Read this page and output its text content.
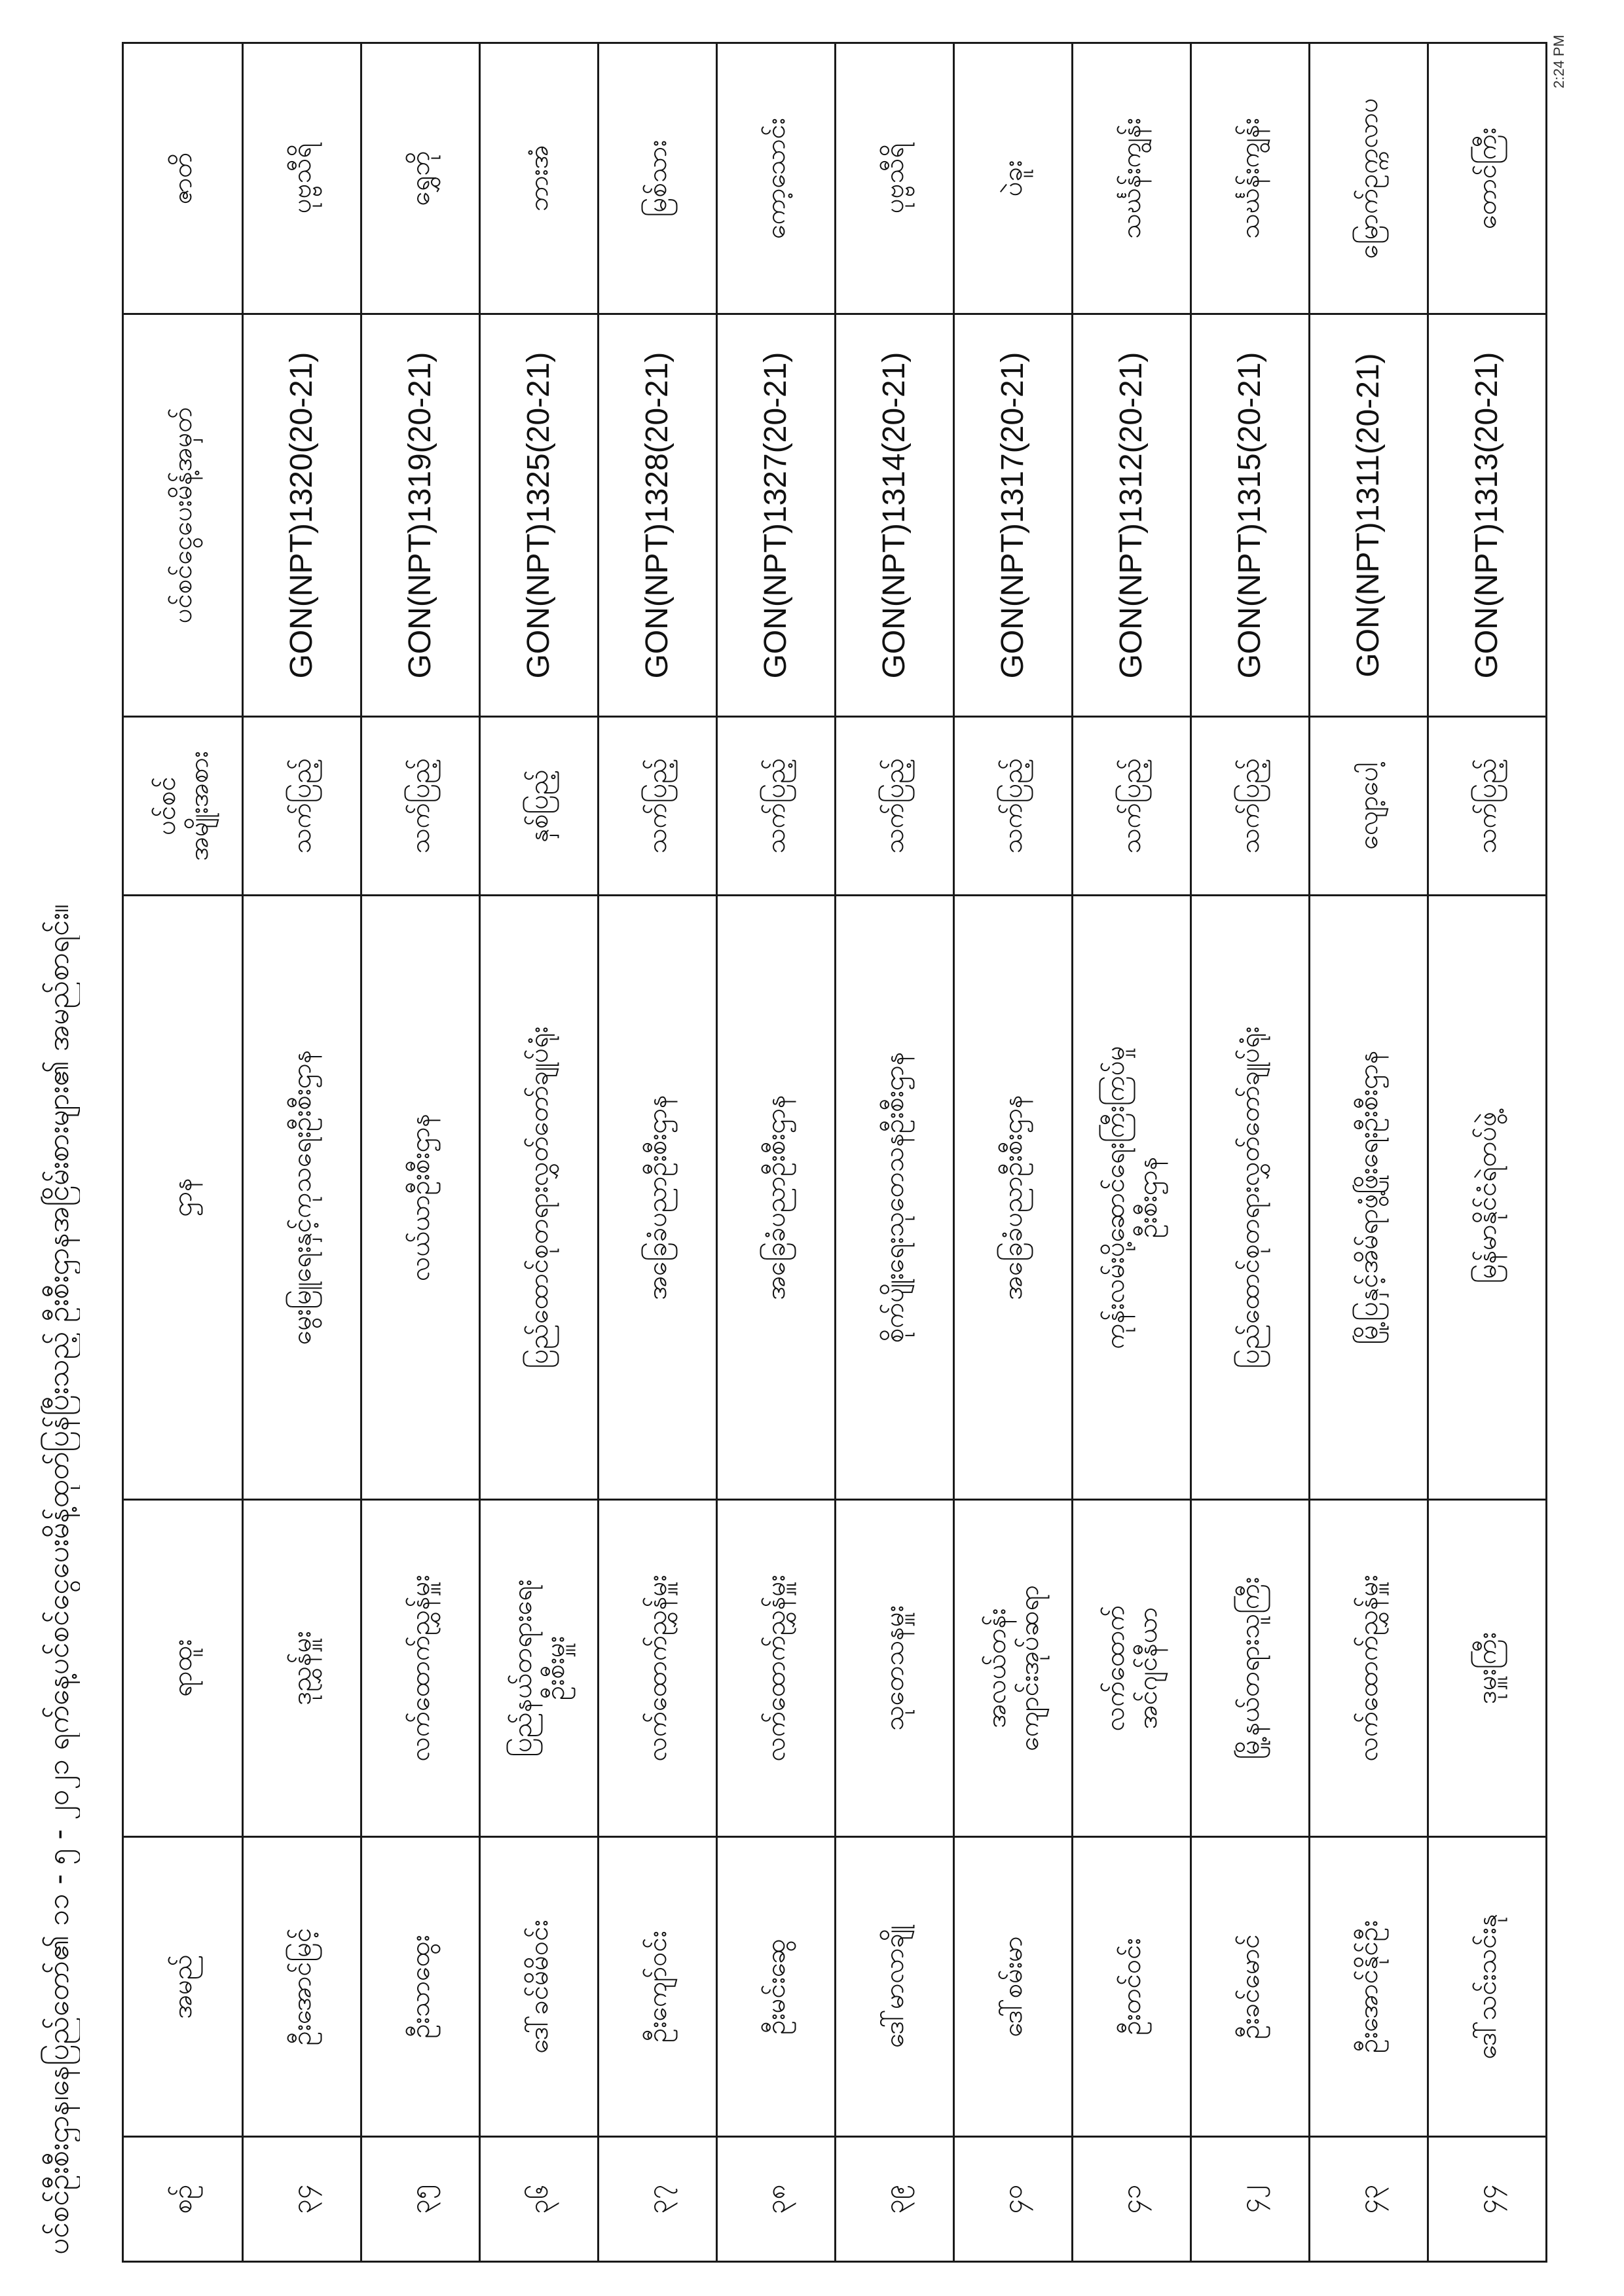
ပင်စင်ဦးစီးဌာန၊နေပြည်တော်၏ ၁၁ - ၅ - ၂၀၂၁ ရက်နေ့ပင်စင်ငွေပေးမိန့်ထုတ်ပြန်ပြီးသည့် ဦးစီးဌာနအငြိမ်းစားများ၏ အမည်စာရင်း။
2:24 PM
စဉ်	အမည်	ရာထူး	ဌာန	ပင်စင်
အမျိုးအစား	ပင်စင်ငွေပေးမိန့်အမှတ်	ဇာတိ
၃၄	ဦးအောင်မြင့်	ဒုညွှန်မှူး	မွေးမြူရေးနှင့်ကုသရေးဦးစီးဌာန	သက်ပြည့်	GON(NPT)1320(20-21)	ပုဗ္ဗသီရိ
၃၅	ဦးသာထွေး	လက်ထောက်ညွှန်မှူး	လယ်ယာဦးစီးဌာန	သက်ပြည့်	GON(NPT)1319(20-21)	ရွှေဘို
၃၆	ဒေါ်ခင်မိမိဝင်း	ပြည်နယ်တရားရေး
ဦးစီးမှူး	ပြည်ထောင်စုတရားလွှတ်တော်ချုပ်ရုံး	နှစ်ပြည့်	GON(NPT)1325(20-21)	ဘားအံ
၃၇	ဦးကျော်ဝင်း	လက်ထောက်ညွှန်မှူး	အခြေခံပညာဦးစီးဌာန	သက်ပြည့်	GON(NPT)1328(20-21)	မြစ်သား
၃၈	ဦးမင်းဆွေ	လက်ထောက်ညွှန်မှူး	အခြေခံပညာဦးစီးဌာန	သက်ပြည့်	GON(NPT)1327(20-21)	ကော့သောင်း
၃၉	ဒေါ်မာလာချို	သုတေသနမှူး	စိုက်ပျိုးရေးသုတေသနဦးစီးဌာန	သက်ပြည့်	GON(NPT)1314(20-21)	ပုဗ္ဗသီရိ
၄၀	ဒေါ်စမ်းမာ	အလယ်တန်း
ကျောင်းအုပ်ဆရာ	အခြေခံပညာဦးစီးဌာန	သက်ပြည့်	GON(NPT)1317(20-21)	ပဲခူး
၄၁	ဦးတင်ဝင်း	လက်ထောက်
အင်ဂျင်နီယာ	ကုန်းလမ်းပို့ဆောင်ရေးကြီးကြပ်မှု
ဦးစီးဌာန	သက်ပြည့်	GON(NPT)1312(20-21)	သင်္ဃန်းကျွန်း
၄၂	ဦးခင်မောင်	မြို့နယ်တရားသူကြီး	ပြည်ထောင်စုတရားလွှတ်တော်ချုပ်ရုံး	သက်ပြည့်	GON(NPT)1315(20-21)	သင်္ဃန်းကျွန်း
၄၃	ဦးအောင်နိုင်ဦး	လက်ထောက်ညွှန်မှူး	မြို့ပြနှင့်အိမ်ရာဖွံ့ဖြိုးရေးဦးစီးဌာန	လျော့ပေါ့	GON(NPT)1311(20-21)	မြောက်ဥက္ကလာပ
၄၄	ဒေါ်သင်းသင်းနု	ဒုမှူးကြီး	မြန်မာနိုင်ငံရဲတပ်ဖွဲ့	သက်ပြည့်	GON(NPT)1313(20-21)	တောင်ကြီး
